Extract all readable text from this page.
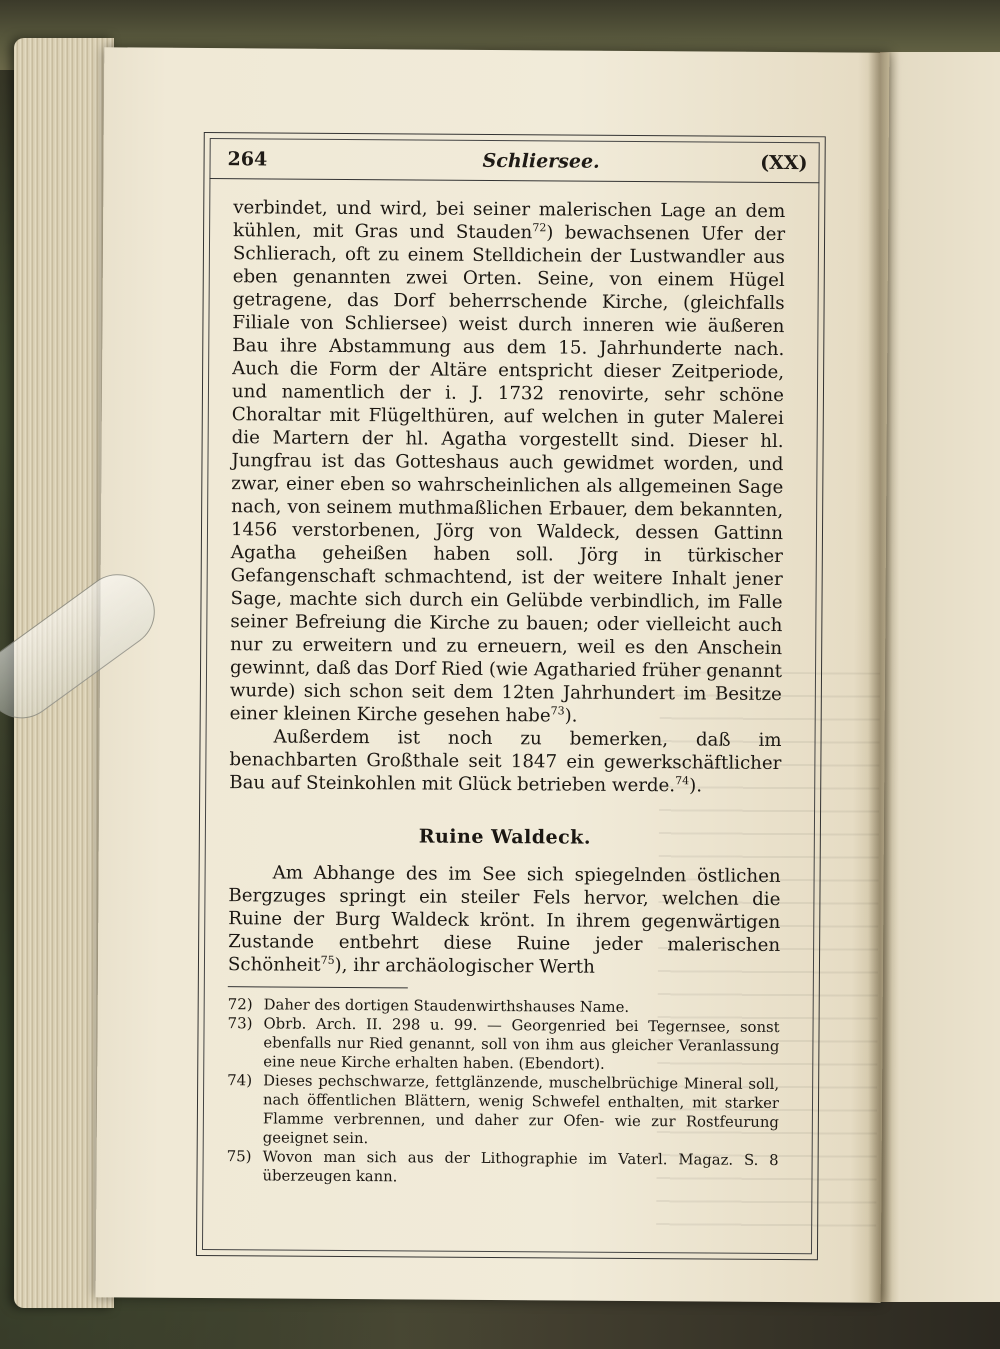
264	Schliersee.	(XX)

verbindet, und wird, bei seiner malerischen Lage an dem kühlen, mit Gras und Stauden$^{72}$) bewachsenen Ufer der Schlierach, oft zu einem Stelldichein der Lustwandler aus eben genannten zwei Orten. Seine, von einem Hügel getragene, das Dorf beherrschende Kirche, (gleichfalls Filiale von Schliersee) weist durch inneren wie äußeren Bau ihre Abstammung aus dem 15. Jahrhunderte nach. Auch die Form der Altäre entspricht dieser Zeitperiode, und namentlich der i. J. 1732 renovirte, sehr schöne Choraltar mit Flügelthüren, auf welchen in guter Malerei die Martern der hl. Agatha vorgestellt sind. Dieser hl. Jungfrau ist das Gotteshaus auch gewidmet worden, und zwar, einer eben so wahrscheinlichen als allgemeinen Sage nach, von seinem muthmaßlichen Erbauer, dem bekannten, 1456 verstorbenen, Jörg von Waldeck, dessen Gattinn Agatha geheißen haben soll. Jörg in türkischer Gefangenschaft schmachtend, ist der weitere Inhalt jener Sage, machte sich durch ein Gelübde verbindlich, im Falle seiner Befreiung die Kirche zu bauen; oder vielleicht auch nur zu erweitern und zu erneuern, weil es den Anschein gewinnt, daß das Dorf Ried (wie Agatharied früher genannt wurde) sich schon seit dem 12ten Jahrhundert im Besitze einer kleinen Kirche gesehen habe$^{73}$).

Außerdem ist noch zu bemerken, daß im benachbarten Großthale seit 1847 ein gewerkschäftlicher Bau auf Steinkohlen mit Glück betrieben werde.$^{74}$).

Ruine Waldeck.

Am Abhange des im See sich spiegelnden östlichen Bergzuges springt ein steiler Fels hervor, welchen die Ruine der Burg Waldeck krönt. In ihrem gegenwärtigen Zustande entbehrt diese Ruine jeder malerischen Schönheit$^{75}$), ihr archäologischer Werth

72) Daher des dortigen Staudenwirthshauses Name.
73) Obrb. Arch. II. 298 u. 99. — Georgenried bei Tegernsee, sonst ebenfalls nur Ried genannt, soll von ihm aus gleicher Veranlassung eine neue Kirche erhalten haben. (Ebendort).
74) Dieses pechschwarze, fettglänzende, muschelbrüchige Mineral soll, nach öffentlichen Blättern, wenig Schwefel enthalten, mit starker Flamme verbrennen, und daher zur Ofen- wie zur Rostfeurung geeignet sein.
75) Wovon man sich aus der Lithographie im Vaterl. Magaz. S. 8 überzeugen kann.
